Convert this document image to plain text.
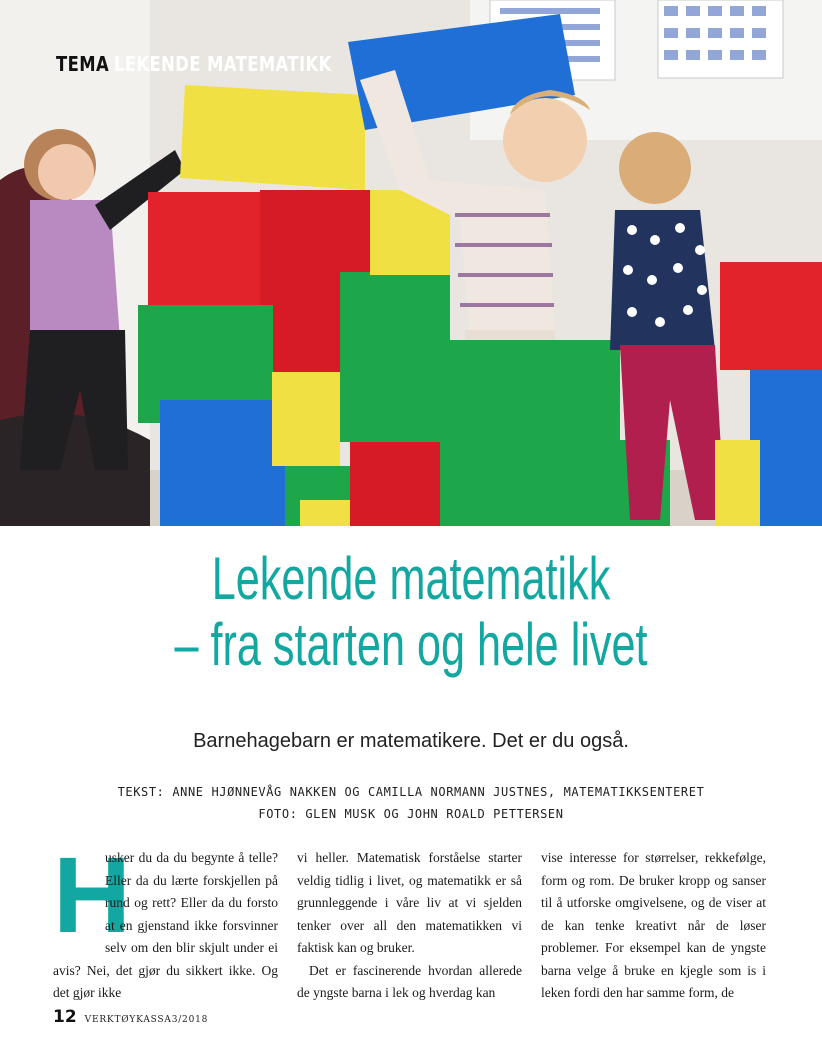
TEMA LEKENDE MATEMATIKK
Lekende matematikk
– fra starten og hele livet
Barnehagebarn er matematikere. Det er du også.
TEKST: ANNE HJØNNEVÅG NAKKEN OG CAMILLA NORMANN JUSTNES, MATEMATIKKSENTERET
FOTO: GLEN MUSK OG JOHN ROALD PETTERSEN

H
usker du da du begynte å telle? Eller da du lærte forskjellen på rund og rett? Eller da du forsto at en gjenstand ikke forsvinner selv om den blir skjult under ei avis? Nei, det gjør du sikkert ikke. Og det gjør ikke

vi heller. Matematisk forståelse starter veldig tidlig i livet, og matematikk er så grunnleggende i våre liv at vi sjelden tenker over all den matematikken vi faktisk kan og bruker.

Det er fascinerende hvordan allerede de yngste barna i lek og hverdag kan

vise interesse for størrelser, rekkefølge, form og rom. De bruker kropp og sanser til å utforske omgivelsene, og de viser at de kan tenke kreativt når de løser problemer. For eksempel kan de yngste barna velge å bruke en kjegle som is i leken fordi den har samme form, de

12 VERKTØYKASSA3/2018
